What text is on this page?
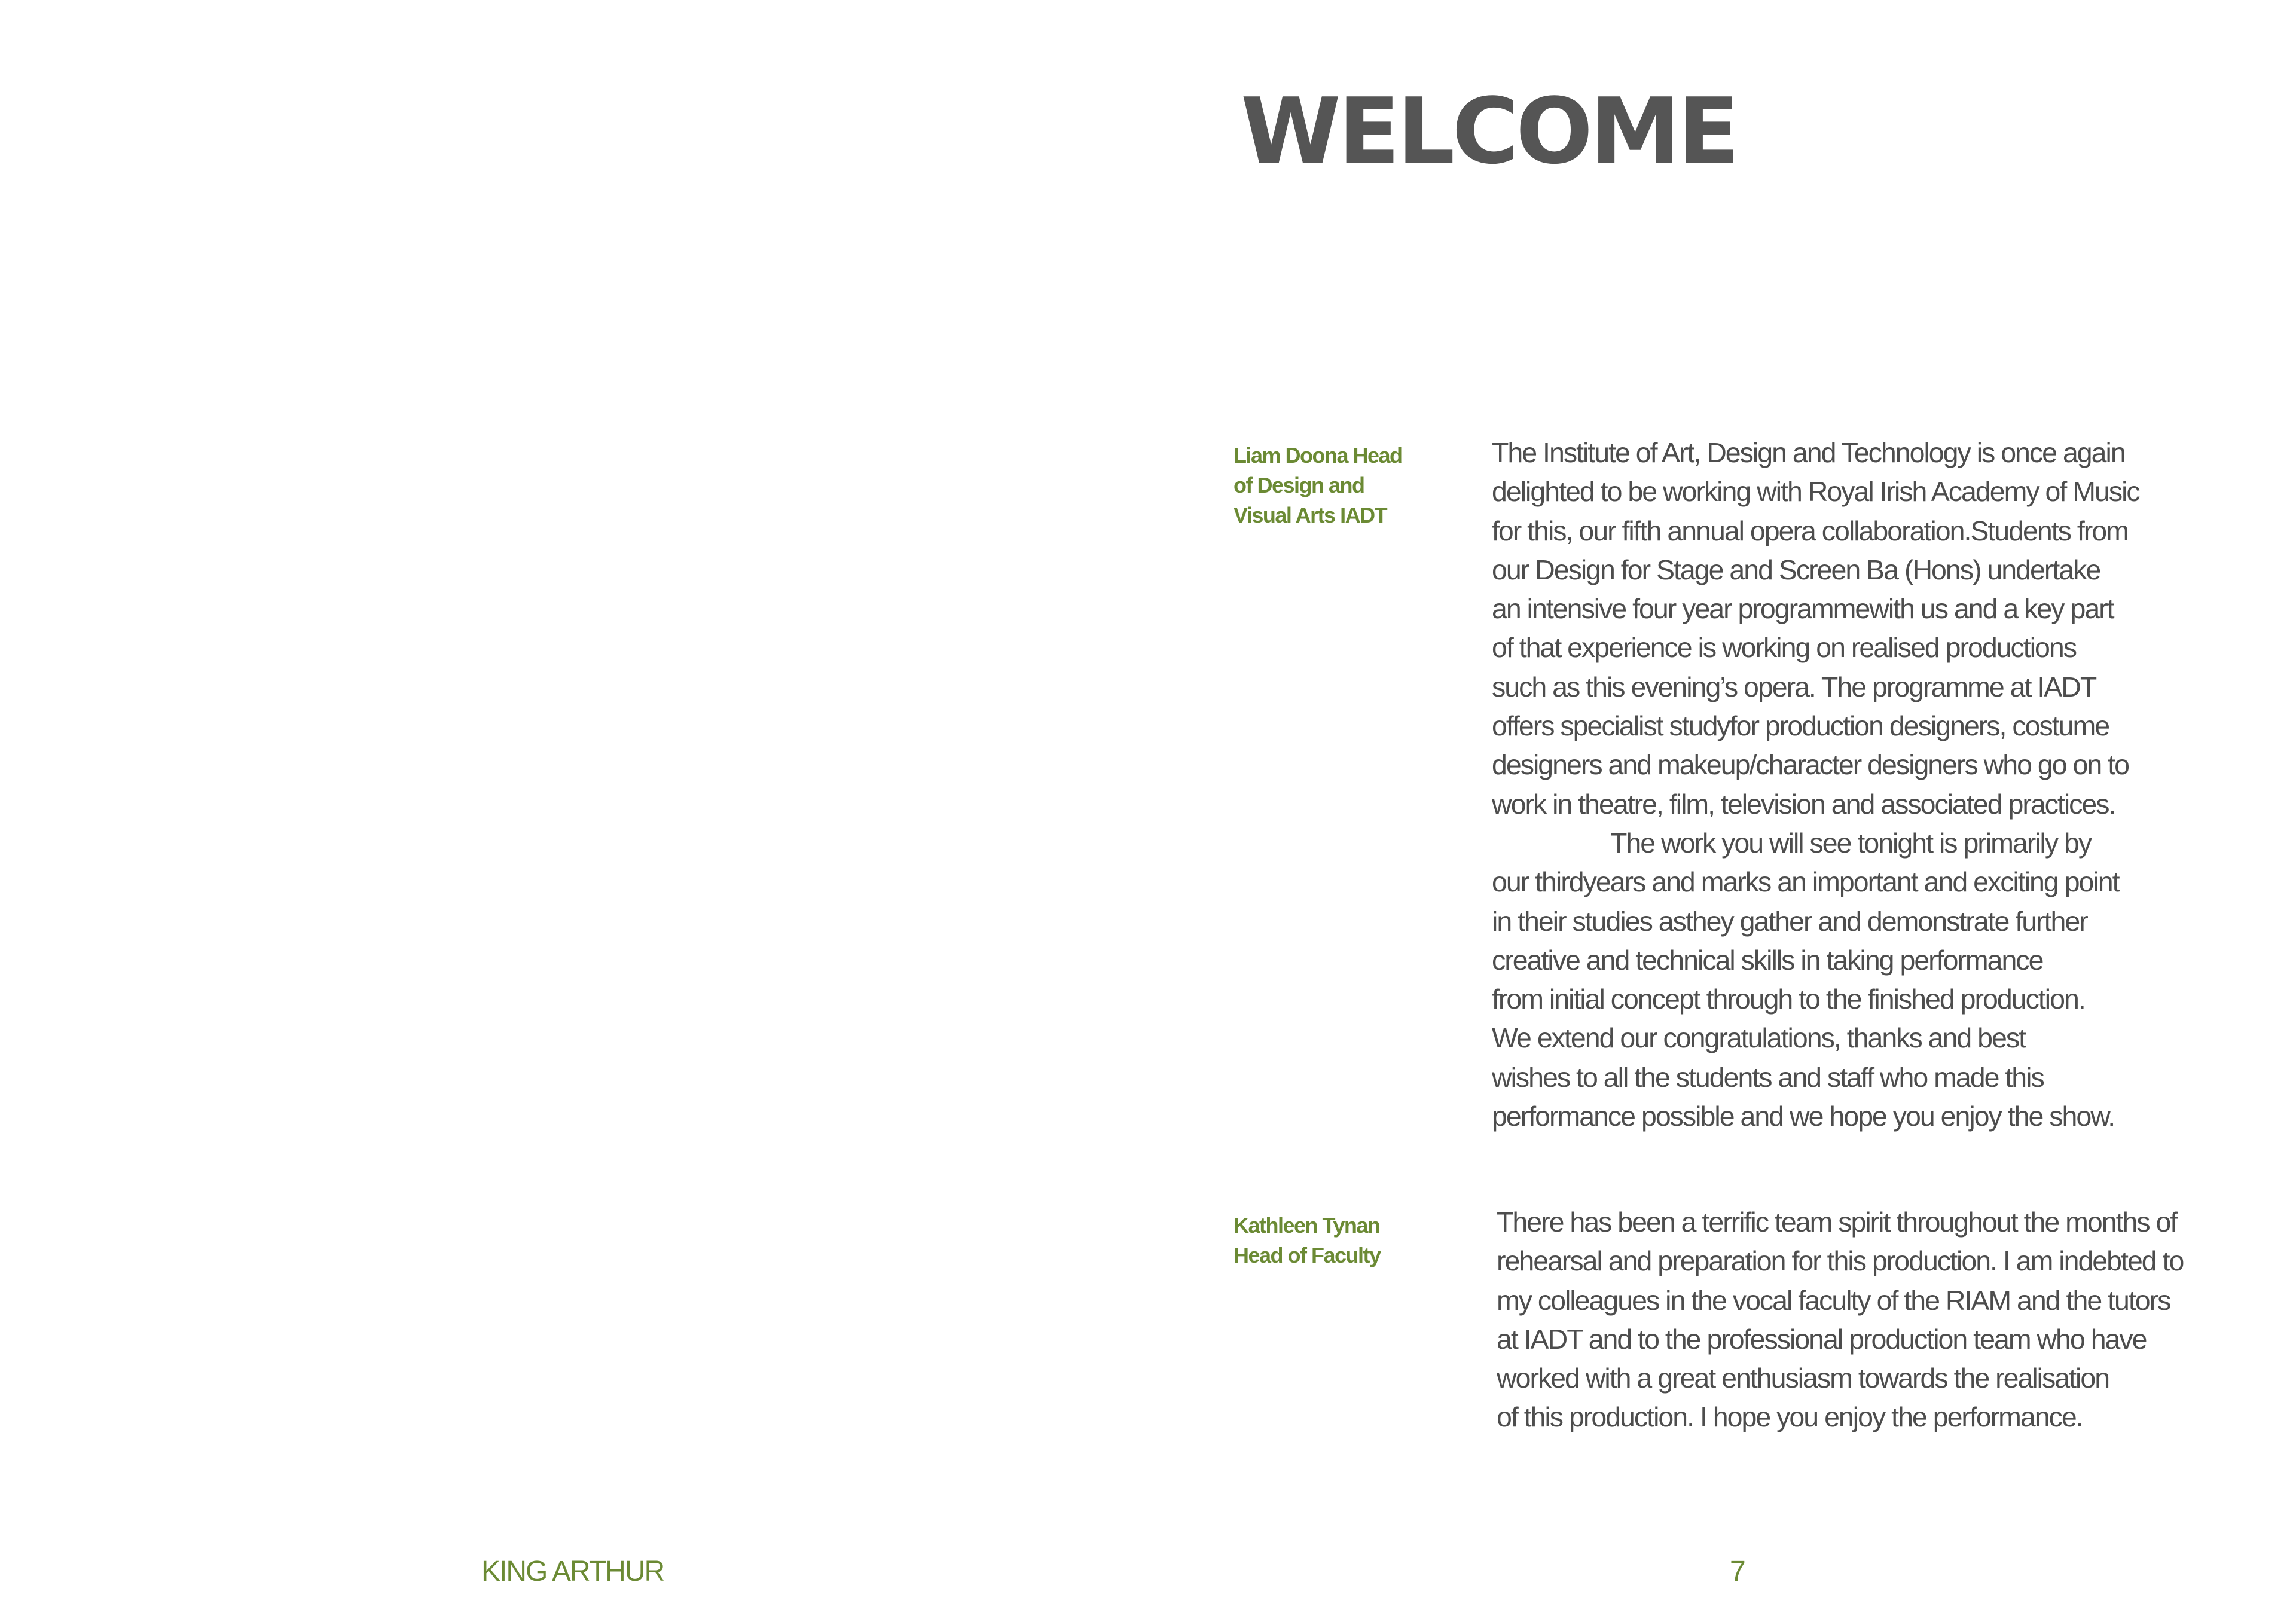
WELCOME
Liam Doona Head
of Design and
Visual Arts IADT
The Institute of Art, Design and Technology is once again
delighted to be working with Royal Irish Academy of Music
for this, our fifth annual opera collaboration.Students from
our Design for Stage and Screen Ba (Hons) undertake
an intensive four year programmewith us and a key part
of that experience is working on realised productions
such as this evening’s opera. The programme at IADT
offers specialist studyfor production designers, costume
designers and makeup/character designers who go on to
work in theatre, film, television and associated practices.
The work you will see tonight is primarily by
our thirdyears and marks an important and exciting point
in their studies asthey gather and demonstrate further
creative and technical skills in taking performance
from initial concept through to the finished production.
We extend our congratulations, thanks and best
wishes to all the students and staff who made this
performance possible and we hope you enjoy the show.
Kathleen Tynan
Head of Faculty
There has been a terrific team spirit throughout the months of
rehearsal and preparation for this production. I am indebted to
my colleagues in the vocal faculty of the RIAM and the tutors
at IADT and to the professional production team who have
worked with a great enthusiasm towards the realisation
of this production. I hope you enjoy the performance.
KING ARTHUR	7
